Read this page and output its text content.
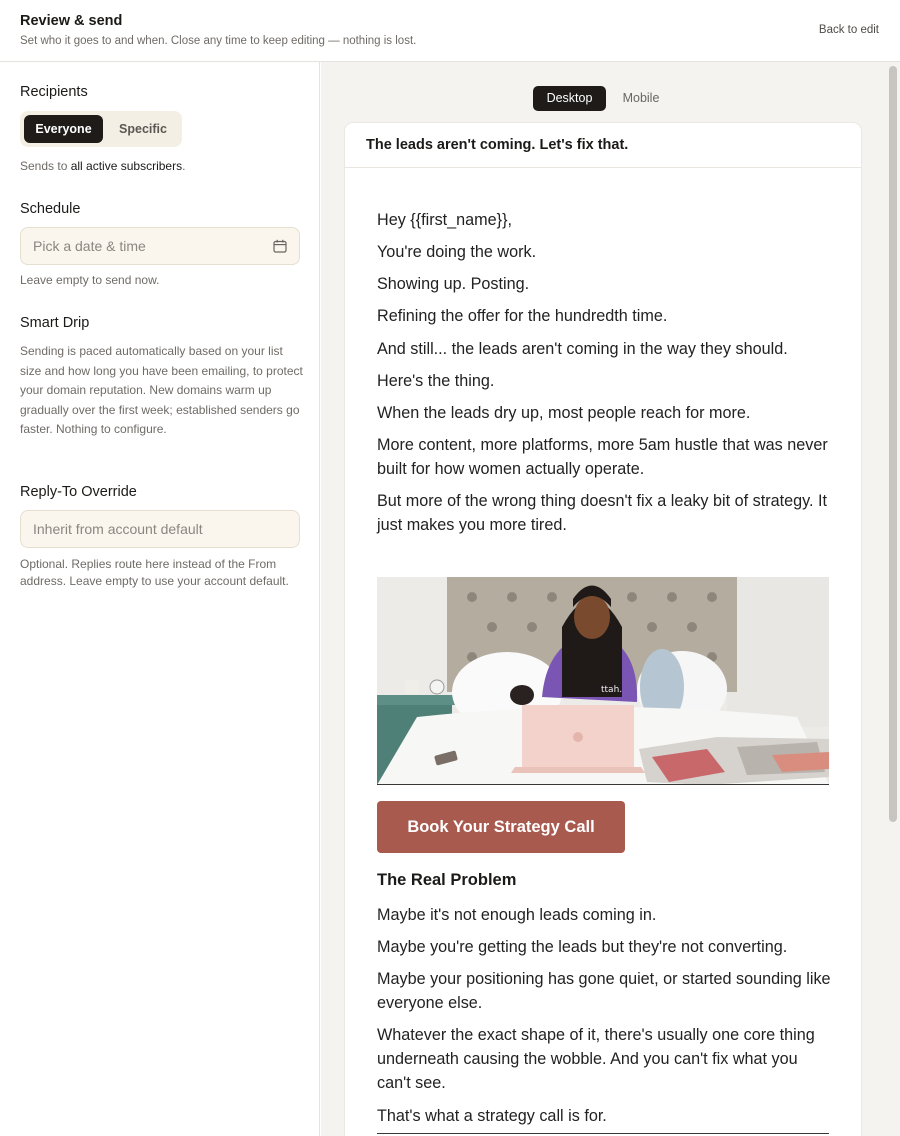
Review & send
Set who it goes to and when. Close any time to keep editing — nothing is lost.
Back to edit
Recipients
Everyone	Specific
Sends to all active subscribers.
Schedule
Pick a date & time
Leave empty to send now.
Smart Drip
Sending is paced automatically based on your list size and how long you have been emailing, to protect your domain reputation. New domains warm up gradually over the first week; established senders go faster. Nothing to configure.
Reply-To Override
Inherit from account default
Optional. Replies route here instead of the From address. Leave empty to use your account default.
Desktop	Mobile
The leads aren't coming. Let's fix that.
Hey {{first_name}},
You're doing the work.
Showing up. Posting.
Refining the offer for the hundredth time.
And still... the leads aren't coming in the way they should.
Here's the thing.
When the leads dry up, most people reach for more.
More content, more platforms, more 5am hustle that was never built for how women actually operate.
But more of the wrong thing doesn't fix a leaky bit of strategy. It just makes you more tired.
ttah.
Book Your Strategy Call
The Real Problem
Maybe it's not enough leads coming in.
Maybe you're getting the leads but they're not converting.
Maybe your positioning has gone quiet, or started sounding like everyone else.
Whatever the exact shape of it, there's usually one core thing underneath causing the wobble. And you can't fix what you can't see.
That's what a strategy call is for.
